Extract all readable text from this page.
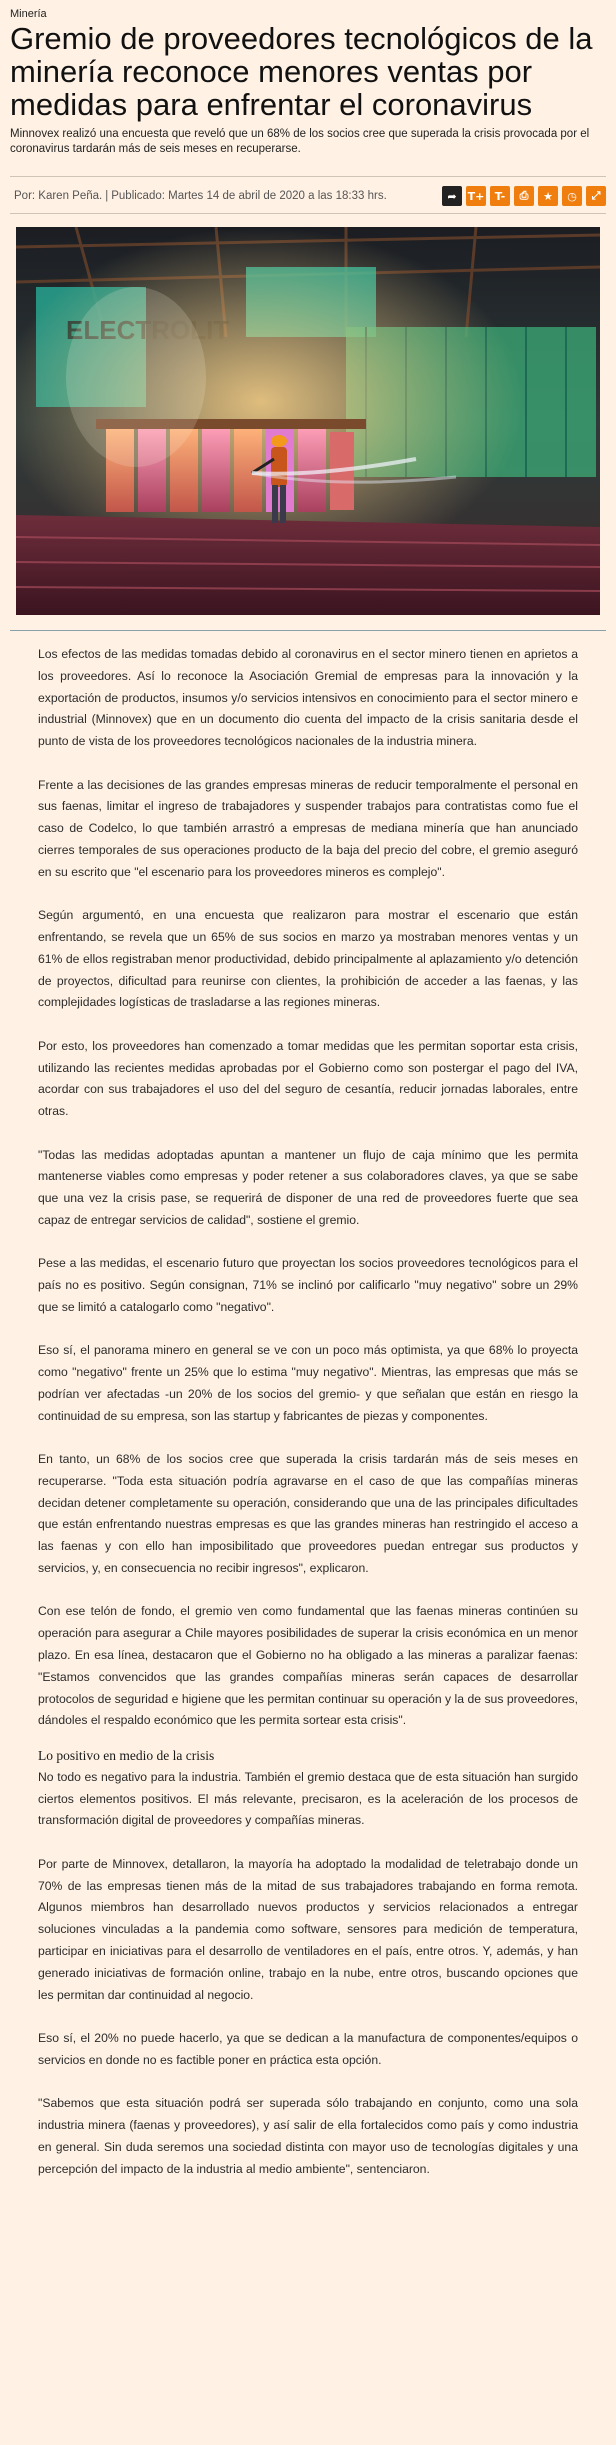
Minería
Gremio de proveedores tecnológicos de la minería reconoce menores ventas por medidas para enfrentar el coronavirus
Minnovex realizó una encuesta que reveló que un 68% de los socios cree que superada la crisis provocada por el coronavirus tardarán más de seis meses en recuperarse.
Por: Karen Peña. | Publicado: Martes 14 de abril de 2020 a las 18:33 hrs.	➦ T+ T- ⎙ ★ ◷ ⤢

Los efectos de las medidas tomadas debido al coronavirus en el sector minero tienen en aprietos a los proveedores. Así lo reconoce la Asociación Gremial de empresas para la innovación y la exportación de productos, insumos y/o servicios intensivos en conocimiento para el sector minero e industrial (Minnovex) que en un documento dio cuenta del impacto de la crisis sanitaria desde el punto de vista de los proveedores tecnológicos nacionales de la industria minera.

Frente a las decisiones de las grandes empresas mineras de reducir temporalmente el personal en sus faenas, limitar el ingreso de trabajadores y suspender trabajos para contratistas como fue el caso de Codelco, lo que también arrastró a empresas de mediana minería que han anunciado cierres temporales de sus operaciones producto de la baja del precio del cobre, el gremio aseguró en su escrito que "el escenario para los proveedores mineros es complejo".

Según argumentó, en una encuesta que realizaron para mostrar el escenario que están enfrentando, se revela que un 65% de sus socios en marzo ya mostraban menores ventas y un 61% de ellos registraban menor productividad, debido principalmente al aplazamiento y/o detención de proyectos, dificultad para reunirse con clientes, la prohibición de acceder a las faenas, y las complejidades logísticas de trasladarse a las regiones mineras.

Por esto, los proveedores han comenzado a tomar medidas que les permitan soportar esta crisis, utilizando las recientes medidas aprobadas por el Gobierno como son postergar el pago del IVA, acordar con sus trabajadores el uso del del seguro de cesantía, reducir jornadas laborales, entre otras.

"Todas las medidas adoptadas apuntan a mantener un flujo de caja mínimo que les permita mantenerse viables como empresas y poder retener a sus colaboradores claves, ya que se sabe que una vez la crisis pase, se requerirá de disponer de una red de proveedores fuerte que sea capaz de entregar servicios de calidad", sostiene el gremio.

Pese a las medidas, el escenario futuro que proyectan los socios proveedores tecnológicos para el país no es positivo. Según consignan, 71% se inclinó por calificarlo "muy negativo" sobre un 29% que se limitó a catalogarlo como "negativo".

Eso sí, el panorama minero en general se ve con un poco más optimista, ya que 68% lo proyecta como "negativo" frente un 25% que lo estima "muy negativo". Mientras, las empresas que más se podrían ver afectadas -un 20% de los socios del gremio- y que señalan que están en riesgo la continuidad de su empresa, son las startup y fabricantes de piezas y componentes.

En tanto, un 68% de los socios cree que superada la crisis tardarán más de seis meses en recuperarse. "Toda esta situación podría agravarse en el caso de que las compañías mineras decidan detener completamente su operación, considerando que una de las principales dificultades que están enfrentando nuestras empresas es que las grandes mineras han restringido el acceso a las faenas y con ello han imposibilitado que proveedores puedan entregar sus productos y servicios, y, en consecuencia no recibir ingresos", explicaron.

Con ese telón de fondo, el gremio ven como fundamental que las faenas mineras continúen su operación para asegurar a Chile mayores posibilidades de superar la crisis económica en un menor plazo. En esa línea, destacaron que el Gobierno no ha obligado a las mineras a paralizar faenas: "Estamos convencidos que las grandes compañías mineras serán capaces de desarrollar protocolos de seguridad e higiene que les permitan continuar su operación y la de sus proveedores, dándoles el respaldo económico que les permita sortear esta crisis".

Lo positivo en medio de la crisis

No todo es negativo para la industria. También el gremio destaca que de esta situación han surgido ciertos elementos positivos. El más relevante, precisaron, es la aceleración de los procesos de transformación digital de proveedores y compañías mineras.

Por parte de Minnovex, detallaron, la mayoría ha adoptado la modalidad de teletrabajo donde un 70% de las empresas tienen más de la mitad de sus trabajadores trabajando en forma remota. Algunos miembros han desarrollado nuevos productos y servicios relacionados a entregar soluciones vinculadas a la pandemia como software, sensores para medición de temperatura, participar en iniciativas para el desarrollo de ventiladores en el país, entre otros. Y, además, y han generado iniciativas de formación online, trabajo en la nube, entre otros, buscando opciones que les permitan dar continuidad al negocio.

Eso sí, el 20% no puede hacerlo, ya que se dedican a la manufactura de componentes/equipos o servicios en donde no es factible poner en práctica esta opción.

"Sabemos que esta situación podrá ser superada sólo trabajando en conjunto, como una sola industria minera (faenas y proveedores), y así salir de ella fortalecidos como país y como industria en general. Sin duda seremos una sociedad distinta con mayor uso de tecnologías digitales y una percepción del impacto de la industria al medio ambiente", sentenciaron.
